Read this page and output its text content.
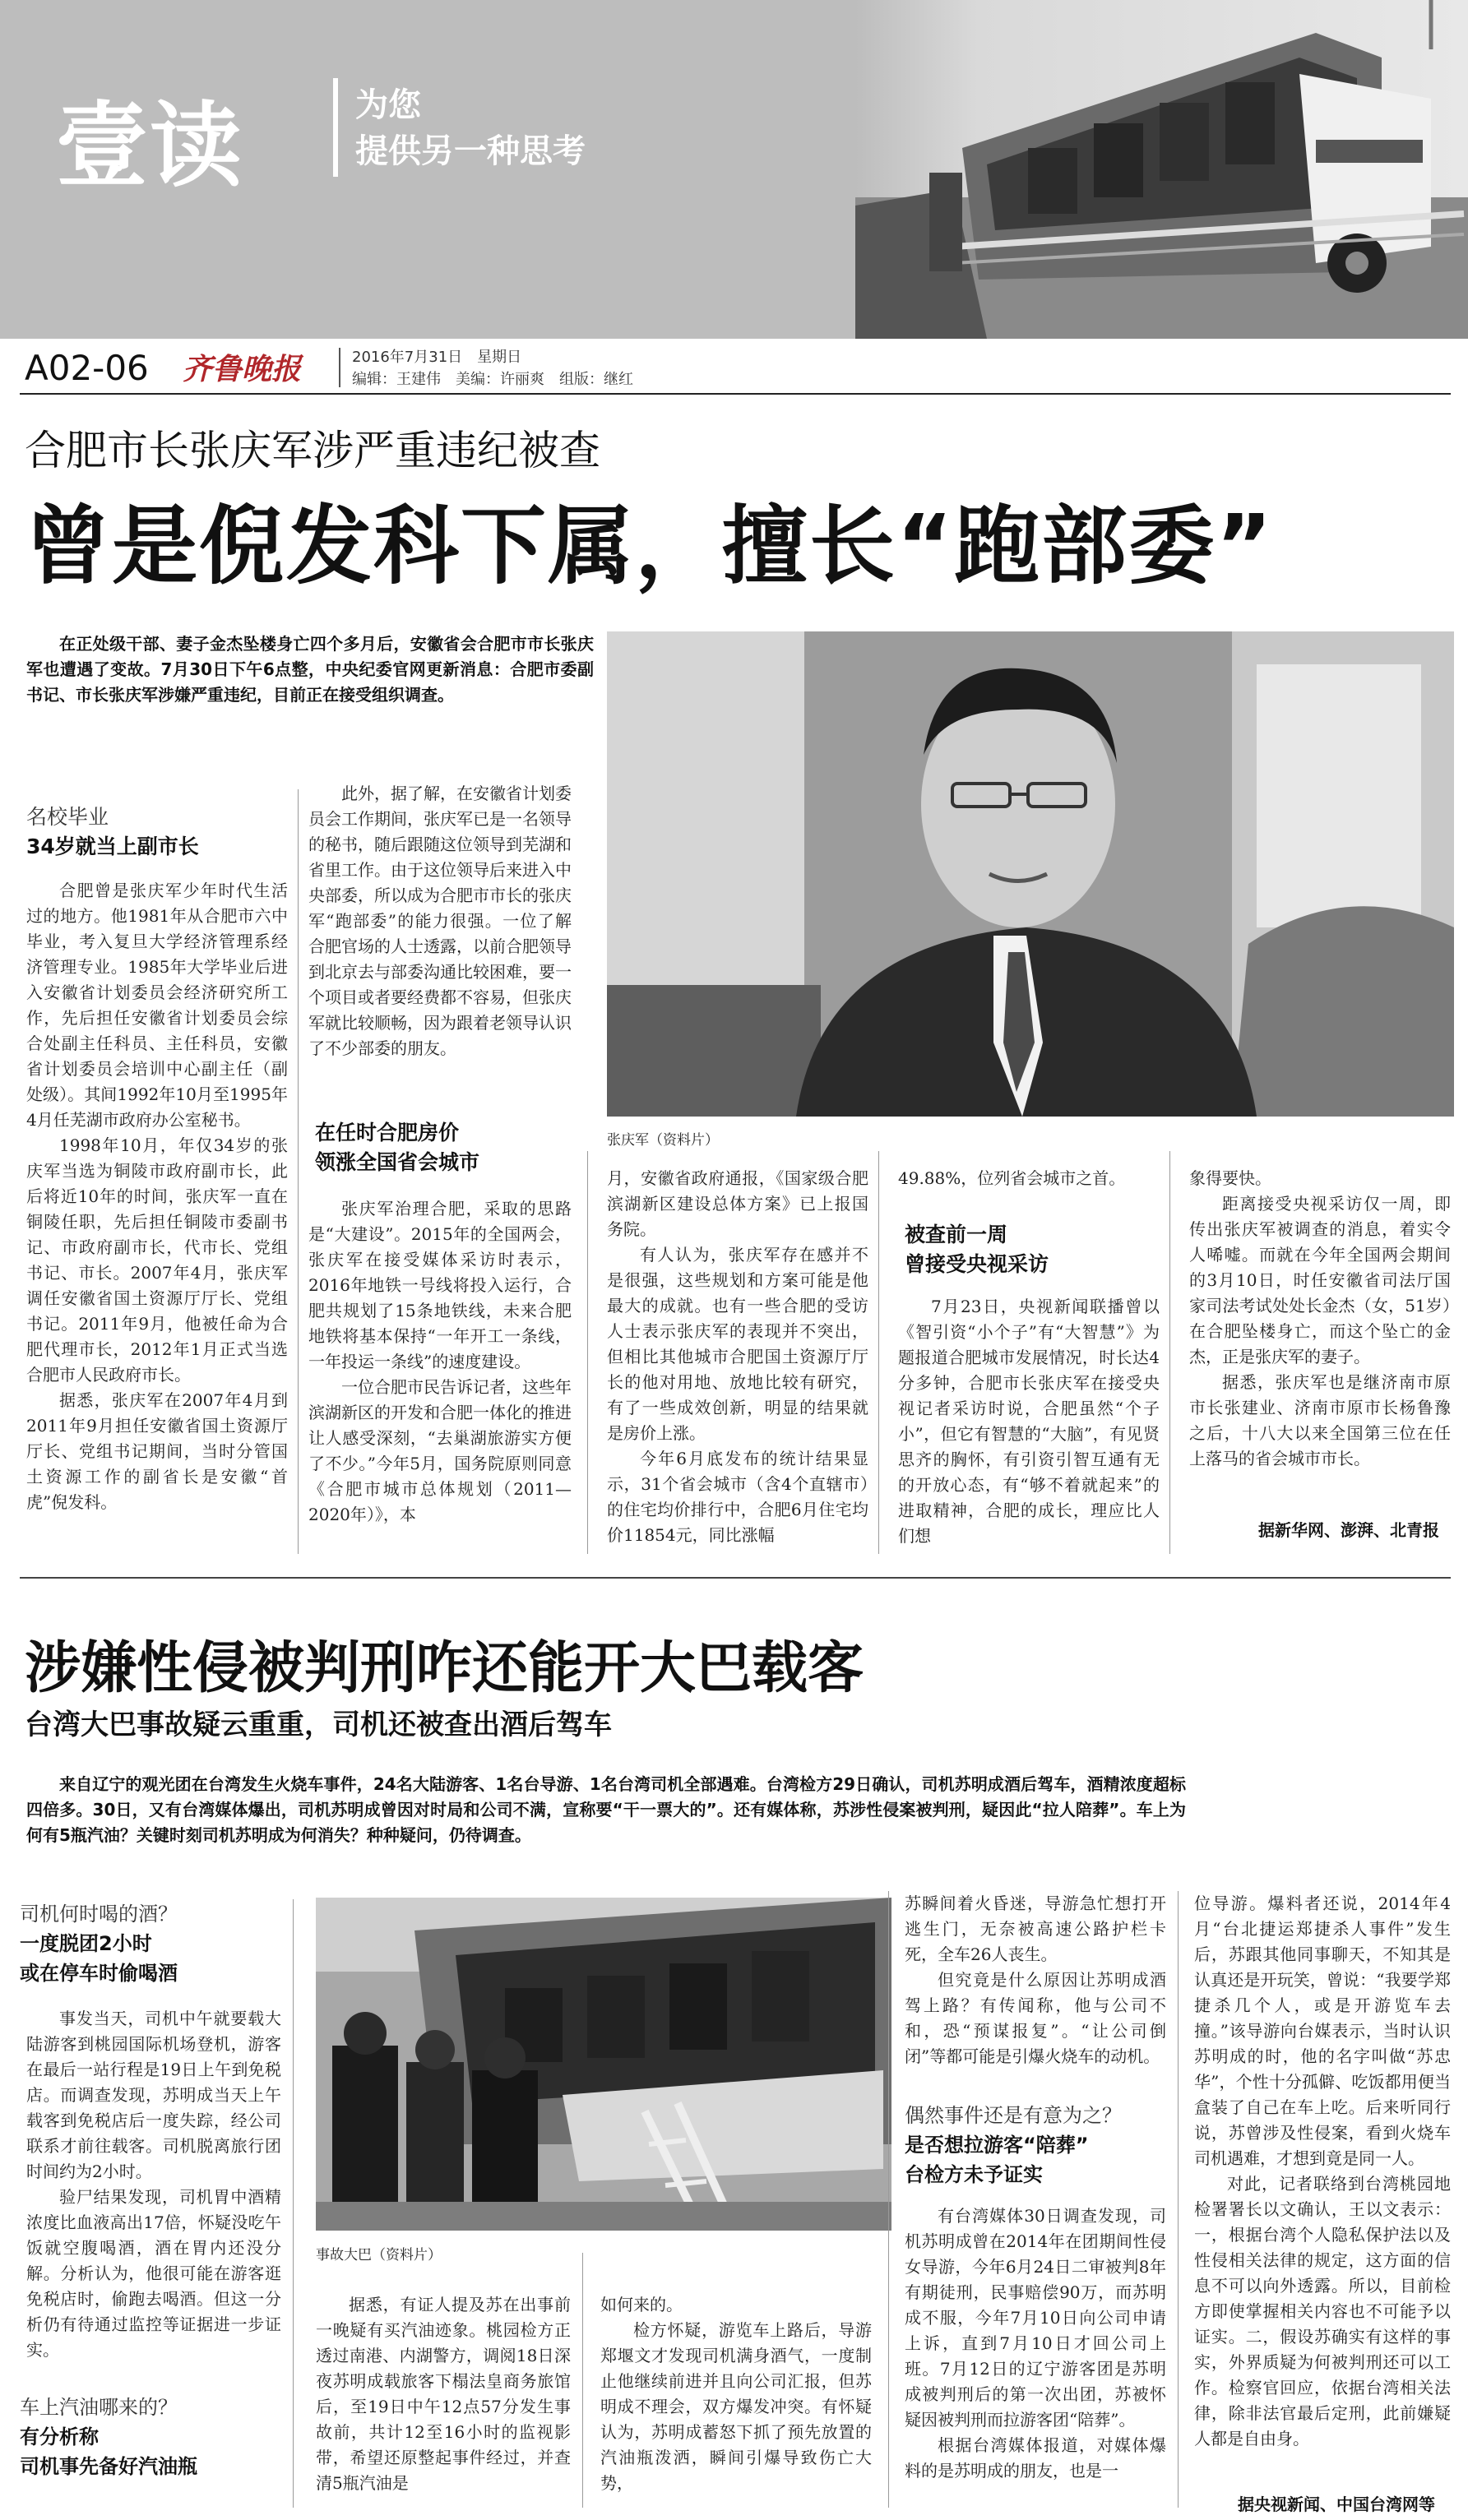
壹读	为您
提供另一种思考
A02-06 齐鲁晚报	2016年7月31日　星期日
编辑：王建伟　美编：许丽爽　组版：继红
合肥市长张庆军涉严重违纪被查
曾是倪发科下属，擅长“跑部委”
在正处级干部、妻子金杰坠楼身亡四个多月后，安徽省会合肥市市长张庆军也遭遇了变故。7月30日下午6点整，中央纪委官网更新消息：合肥市委副书记、市长张庆军涉嫌严重违纪，目前正在接受组织调查。
名校毕业
34岁就当上副市长
合肥曾是张庆军少年时代生活过的地方。他1981年从合肥市六中毕业，考入复旦大学经济管理系经济管理专业。1985年大学毕业后进入安徽省计划委员会经济研究所工作，先后担任安徽省计划委员会综合处副主任科员、主任科员，安徽省计划委员会培训中心副主任（副处级）。其间1992年10月至1995年4月任芜湖市政府办公室秘书。
1998年10月，年仅34岁的张庆军当选为铜陵市政府副市长，此后将近10年的时间，张庆军一直在铜陵任职，先后担任铜陵市委副书记、市政府副市长，代市长、党组书记、市长。2007年4月，张庆军调任安徽省国土资源厅厅长、党组书记。2011年9月，他被任命为合肥代理市长，2012年1月正式当选合肥市人民政府市长。
据悉，张庆军在2007年4月到2011年9月担任安徽省国土资源厅厅长、党组书记期间，当时分管国土资源工作的副省长是安徽“首虎”倪发科。
此外，据了解，在安徽省计划委员会工作期间，张庆军已是一名领导的秘书，随后跟随这位领导到芜湖和省里工作。由于这位领导后来进入中央部委，所以成为合肥市市长的张庆军“跑部委”的能力很强。一位了解合肥官场的人士透露，以前合肥领导到北京去与部委沟通比较困难，要一个项目或者要经费都不容易，但张庆军就比较顺畅，因为跟着老领导认识了不少部委的朋友。
在任时合肥房价
领涨全国省会城市
张庆军治理合肥，采取的思路是“大建设”。2015年的全国两会，张庆军在接受媒体采访时表示，2016年地铁一号线将投入运行，合肥共规划了15条地铁线，未来合肥地铁将基本保持“一年开工一条线，一年投运一条线”的速度建设。
一位合肥市民告诉记者，这些年滨湖新区的开发和合肥一体化的推进让人感受深刻，“去巢湖旅游实方便了不少。”今年5月，国务院原则同意《合肥市城市总体规划（2011—2020年）》，本
张庆军（资料片）
月，安徽省政府通报，《国家级合肥滨湖新区建设总体方案》已上报国务院。
有人认为，张庆军存在感并不是很强，这些规划和方案可能是他最大的成就。也有一些合肥的受访人士表示张庆军的表现并不突出，但相比其他城市合肥国土资源厅厅长的他对用地、放地比较有研究，有了一些成效创新，明显的结果就是房价上涨。
今年6月底发布的统计结果显示，31个省会城市（含4个直辖市）的住宅均价排行中，合肥6月住宅均价11854元，同比涨幅
49.88%，位列省会城市之首。
被查前一周
曾接受央视采访
7月23日，央视新闻联播曾以《智引资“小个子”有“大智慧”》为题报道合肥城市发展情况，时长达4分多钟，合肥市长张庆军在接受央视记者采访时说，合肥虽然“个子小”，但它有智慧的“大脑”，有见贤思齐的胸怀，有引资引智互通有无的开放心态，有“够不着就起来”的进取精神，合肥的成长，理应比人们想
象得要快。
距离接受央视采访仅一周，即传出张庆军被调查的消息，着实令人唏嘘。而就在今年全国两会期间的3月10日，时任安徽省司法厅国家司法考试处处长金杰（女，51岁）在合肥坠楼身亡，而这个坠亡的金杰，正是张庆军的妻子。
据悉，张庆军也是继济南市原市长张建业、济南市原市长杨鲁豫之后，十八大以来全国第三位在任上落马的省会城市市长。
据新华网、澎湃、北青报
涉嫌性侵被判刑咋还能开大巴载客
台湾大巴事故疑云重重，司机还被查出酒后驾车
来自辽宁的观光团在台湾发生火烧车事件，24名大陆游客、1名台导游、1名台湾司机全部遇难。台湾检方29日确认，司机苏明成酒后驾车，酒精浓度超标四倍多。30日，又有台湾媒体爆出，司机苏明成曾因对时局和公司不满，宣称要“干一票大的”。还有媒体称，苏涉性侵案被判刑，疑因此“拉人陪葬”。车上为何有5瓶汽油？关键时刻司机苏明成为何消失？种种疑问，仍待调查。
司机何时喝的酒？
一度脱团2小时
或在停车时偷喝酒
事发当天，司机中午就要载大陆游客到桃园国际机场登机，游客在最后一站行程是19日上午到免税店。而调查发现，苏明成当天上午载客到免税店后一度失踪，经公司联系才前往载客。司机脱离旅行团时间约为2小时。
验尸结果发现，司机胃中酒精浓度比血液高出17倍，怀疑没吃午饭就空腹喝酒，酒在胃内还没分解。分析认为，他很可能在游客逛免税店时，偷跑去喝酒。但这一分析仍有待通过监控等证据进一步证实。
车上汽油哪来的？
有分析称
司机事先备好汽油瓶
事故大巴（资料片）
据悉，有证人提及苏在出事前一晚疑有买汽油迹象。桃园检方正透过南港、内湖警方，调阅18日深夜苏明成载旅客下榻法皇商务旅馆后，至19日中午12点57分发生事故前，共计12至16小时的监视影带，希望还原整起事件经过，并查清5瓶汽油是
如何来的。
检方怀疑，游览车上路后，导游郑堰文才发现司机满身酒气，一度制止他继续前进并且向公司汇报，但苏明成不理会，双方爆发冲突。有怀疑认为，苏明成蓄怒下抓了预先放置的汽油瓶泼洒，瞬间引爆导致伤亡大势，
苏瞬间着火昏迷，导游急忙想打开逃生门，无奈被高速公路护栏卡死，全车26人丧生。
但究竟是什么原因让苏明成酒驾上路？有传闻称，他与公司不和，恐“预谋报复”。“让公司倒闭”等都可能是引爆火烧车的动机。
偶然事件还是有意为之？
是否想拉游客“陪葬”
台检方未予证实
有台湾媒体30日调查发现，司机苏明成曾在2014年在团期间性侵女导游，今年6月24日二审被判8年有期徒刑，民事赔偿90万，而苏明成不服，今年7月10日向公司申请上诉，直到7月10日才回公司上班。7月12日的辽宁游客团是苏明成被判刑后的第一次出团，苏被怀疑因被判刑而拉游客团“陪葬”。
根据台湾媒体报道，对媒体爆料的是苏明成的朋友，也是一
位导游。爆料者还说，2014年4月“台北捷运郑捷杀人事件”发生后，苏跟其他同事聊天，不知其是认真还是开玩笑，曾说：“我要学郑捷杀几个人，或是开游览车去撞。”该导游向台媒表示，当时认识苏明成的时，他的名字叫做“苏忠华”，个性十分孤僻、吃饭都用便当盒装了自己在车上吃。后来听同行说，苏曾涉及性侵案，看到火烧车司机遇难，才想到竟是同一人。
对此，记者联络到台湾桃园地检署署长以文确认，王以文表示：一，根据台湾个人隐私保护法以及性侵相关法律的规定，这方面的信息不可以向外透露。所以，目前检方即使掌握相关内容也不可能予以证实。二，假设苏确实有这样的事实，外界质疑为何被判刑还可以工作。检察官回应，依据台湾相关法律，除非法官最后定刑，此前嫌疑人都是自由身。
据央视新闻、中国台湾网等
